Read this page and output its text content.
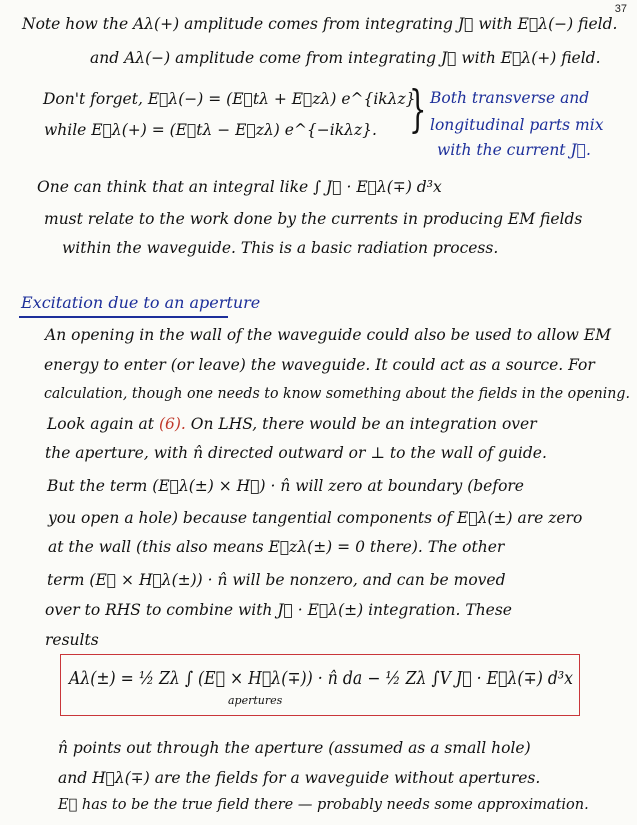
37
Note how the Aλ(+) amplitude comes from integrating J⃗ with E⃗λ(−) field.
and Aλ(−) amplitude come from integrating J⃗ with E⃗λ(+) field.
Don't forget, E⃗λ(−) = (E⃗tλ + E⃗zλ) e^{ikλz}
while E⃗λ(+) = (E⃗tλ − E⃗zλ) e^{−ikλz}. } Both transverse and
longitudinal parts mix
with the current J⃗.
One can think that an integral like ∫ J⃗ · E⃗λ(∓) d³x
must relate to the work done by the currents in producing EM fields
within the waveguide. This is a basic radiation process.
Excitation due to an aperture
An opening in the wall of the waveguide could also be used to allow EM
energy to enter (or leave) the waveguide. It could act as a source. For
calculation, though one needs to know something about the fields in the opening.
Look again at (6). On LHS, there would be an integration over
the aperture, with n̂ directed outward or ⊥ to the wall of guide.
But the term (E⃗λ(±) × H⃗) · n̂ will zero at boundary (before
you open a hole) because tangential components of E⃗λ(±) are zero
at the wall (this also means E⃗zλ(±) = 0 there). The other
term (E⃗ × H⃗λ(±)) · n̂ will be nonzero, and can be moved
over to RHS to combine with J⃗ · E⃗λ(±) integration. These
results
Aλ(±) = ½ Zλ ∫ (E⃗ × H⃗λ(∓)) · n̂ da − ½ Zλ ∫V J⃗ · E⃗λ(∓) d³x
apertures
n̂ points out through the aperture (assumed as a small hole)
and H⃗λ(∓) are the fields for a waveguide without apertures.
E⃗ has to be the true field there — probably needs some approximation.
